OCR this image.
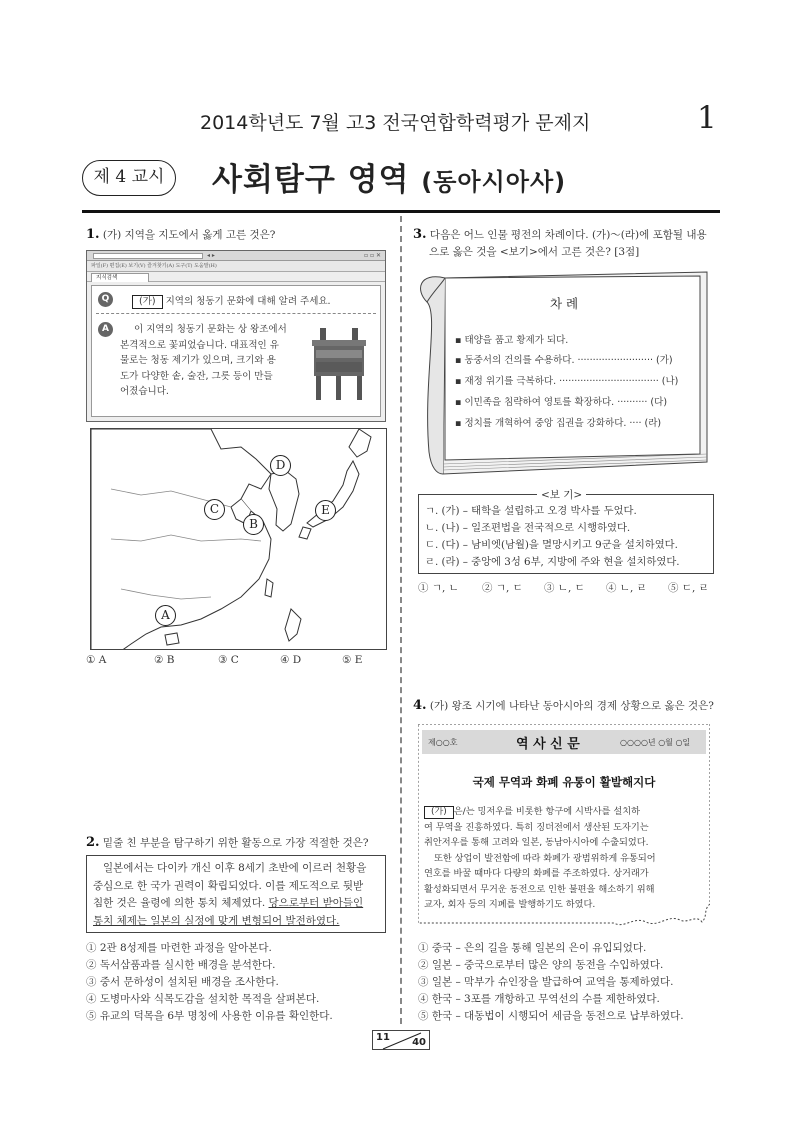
2014학년도 7월 고3 전국연합학력평가 문제지	1
제 4 교시	사회탐구 영역 (동아시아사)
1. (가) 지역을 지도에서 옳게 고른 것은?
◂ ▸	▫ ▫ ✕
파일(F) 편집(E) 보기(V) 즐겨찾기(A) 도구(T) 도움말(H)
지식검색
Q	(가) 지역의 청동기 문화에 대해 알려 주세요.
A	이 지역의 청동기 문화는 상 왕조에서
본격적으로 꽃피었습니다. 대표적인 유
물로는 청동 제기가 있으며, 크기와 용
도가 다양한 솥, 술잔, 그릇 등이 만들
어졌습니다.
D
C
B
E
A
① A	② B	③ C	④ D	⑤ E
2. 밑줄 친 부분을 탐구하기 위한 활동으로 가장 적절한 것은?
일본에서는 다이카 개신 이후 8세기 초반에 이르러 천황을
중심으로 한 국가 권력이 확립되었다. 이를 제도적으로 뒷받
침한 것은 율령에 의한 통치 체제였다. 당으로부터 받아들인
통치 체제는 일본의 실정에 맞게 변형되어 발전하였다.
① 2관 8성제를 마련한 과정을 알아본다.
② 독서삼품과를 실시한 배경을 분석한다.
③ 중서 문하성이 설치된 배경을 조사한다.
④ 도병마사와 식목도감을 설치한 목적을 살펴본다.
⑤ 유교의 덕목을 6부 명칭에 사용한 이유를 확인한다.
3. 다음은 어느 인물 평전의 차례이다. (가)～(라)에 포함될 내용
으로 옳은 것을 <보기>에서 고른 것은? [3점]
차 례
▪ 태양을 품고 황제가 되다.
▪ 동중서의 건의를 수용하다. ························· (가)
▪ 재정 위기를 극복하다. ································· (나)
▪ 이민족을 침략하여 영토를 확장하다. ·········· (다)
▪ 정치를 개혁하여 중앙 집권을 강화하다. ···· (라)
<보 기>
ㄱ. (가) – 태학을 설립하고 오경 박사를 두었다.
ㄴ. (나) – 일조편법을 전국적으로 시행하였다.
ㄷ. (다) – 남비엣(남월)을 멸망시키고 9군을 설치하였다.
ㄹ. (라) – 중앙에 3성 6부, 지방에 주와 현을 설치하였다.
① ㄱ, ㄴ ② ㄱ, ㄷ ③ ㄴ, ㄷ ④ ㄴ, ㄹ ⑤ ㄷ, ㄹ
4. (가) 왕조 시기에 나타난 동아시아의 경제 상황으로 옳은 것은?
제○○호	역 사 신 문	○○○○년 ○월 ○일
국제 무역과 화폐 유통이 활발해지다
(가) 은/는 밍저우를 비롯한 항구에 시박사를 설치하
여 무역을 진흥하였다. 특히 징더전에서 생산된 도자기는
취안저우를 통해 고려와 일본, 동남아시아에 수출되었다.
또한 상업이 발전함에 따라 화폐가 광범위하게 유통되어
연호를 바꿀 때마다 다량의 화폐를 주조하였다. 상거래가
활성화되면서 무거운 동전으로 인한 불편을 해소하기 위해
교자, 회자 등의 지폐를 발행하기도 하였다.
① 중국 – 은의 길을 통해 일본의 은이 유입되었다.
② 일본 – 중국으로부터 많은 양의 동전을 수입하였다.
③ 일본 – 막부가 슈인장을 발급하여 교역을 통제하였다.
④ 한국 – 3포를 개항하고 무역선의 수를 제한하였다.
⑤ 한국 – 대동법이 시행되어 세금을 동전으로 납부하였다.
11 40
